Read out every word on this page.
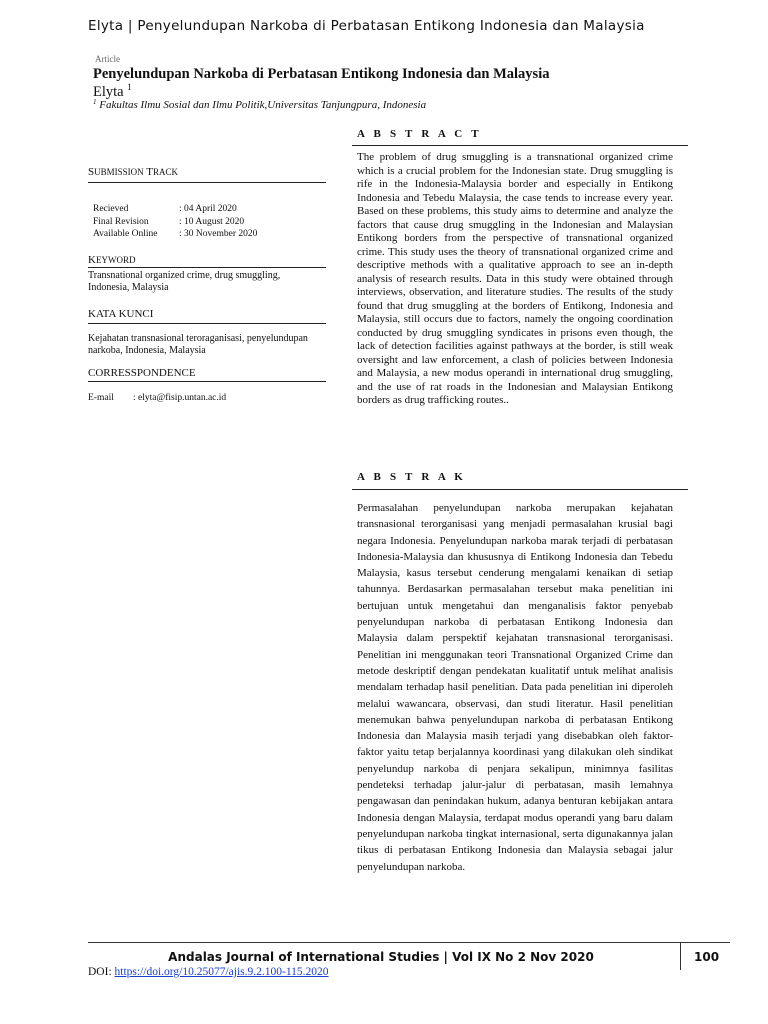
Elyta | Penyelundupan Narkoba di Perbatasan Entikong Indonesia dan Malaysia
Article
Penyelundupan Narkoba di Perbatasan Entikong Indonesia dan Malaysia
Elyta $^1$
$^1$ Fakultas Ilmu Sosial dan Ilmu Politik,Universitas Tanjungpura, Indonesia
SUBMISSION TRACK
Recieved	: 04 April 2020
Final Revision	: 10 August 2020
Available Online	: 30 November 2020
KEYWORD
Transnational organized crime, drug smuggling, Indonesia, Malaysia
KATA KUNCI
Kejahatan transnasional teroraganisasi, penyelundupan narkoba, Indonesia, Malaysia
CORRESSPONDENCE
E-mail	: elyta@fisip.untan.ac.id
A B S T R A C T
The problem of drug smuggling is a transnational organized crime which is a crucial problem for the Indonesian state. Drug smuggling is rife in the Indonesia-Malaysia border and especially in Entikong Indonesia and Tebedu Malaysia, the case tends to increase every year. Based on these problems, this study aims to determine and analyze the factors that cause drug smuggling in the Indonesian and Malaysian Entikong borders from the perspective of transnational organized crime. This study uses the theory of transnational organized crime and descriptive methods with a qualitative approach to see an in-depth analysis of research results. Data in this study were obtained through interviews, observation, and literature studies. The results of the study found that drug smuggling at the borders of Entikong, Indonesia and Malaysia, still occurs due to factors, namely the ongoing coordination conducted by drug smuggling syndicates in prisons even though, the lack of detection facilities against pathways at the border, is still weak oversight and law enforcement, a clash of policies between Indonesia and Malaysia, a new modus operandi in international drug smuggling, and the use of rat roads in the Indonesian and Malaysian Entikong borders as drug trafficking routes..
A B S T R A K
Permasalahan penyelundupan narkoba merupakan kejahatan transnasional terorganisasi yang menjadi permasalahan krusial bagi negara Indonesia. Penyelundupan narkoba marak terjadi di perbatasan Indonesia-Malaysia dan khususnya di Entikong Indonesia dan Tebedu Malaysia, kasus tersebut cenderung mengalami kenaikan di setiap tahunnya. Berdasarkan permasalahan tersebut maka penelitian ini bertujuan untuk mengetahui dan menganalisis faktor penyebab penyelundupan narkoba di perbatasan Entikong Indonesia dan Malaysia dalam perspektif kejahatan transnasional terorganisasi. Penelitian ini menggunakan teori Transnational Organized Crime dan metode deskriptif dengan pendekatan kualitatif untuk melihat analisis mendalam terhadap hasil penelitian. Data pada penelitian ini diperoleh melalui wawancara, observasi, dan studi literatur. Hasil penelitian menemukan bahwa penyelundupan narkoba di perbatasan Entikong Indonesia dan Malaysia masih terjadi yang disebabkan oleh faktor-faktor yaitu tetap berjalannya koordinasi yang dilakukan oleh sindikat penyelundup narkoba di penjara sekalipun, minimnya fasilitas pendeteksi terhadap jalur-jalur di perbatasan, masih lemahnya pengawasan dan penindakan hukum, adanya benturan kebijakan antara Indonesia dengan Malaysia, terdapat modus operandi yang baru dalam penyelundupan narkoba tingkat internasional, serta digunakannya jalan tikus di perbatasan Entikong Indonesia dan Malaysia sebagai jalur penyelundupan narkoba.
Andalas Journal of International Studies | Vol IX No 2 Nov 2020	100
DOI: https://doi.org/10.25077/ajis.9.2.100-115.2020
